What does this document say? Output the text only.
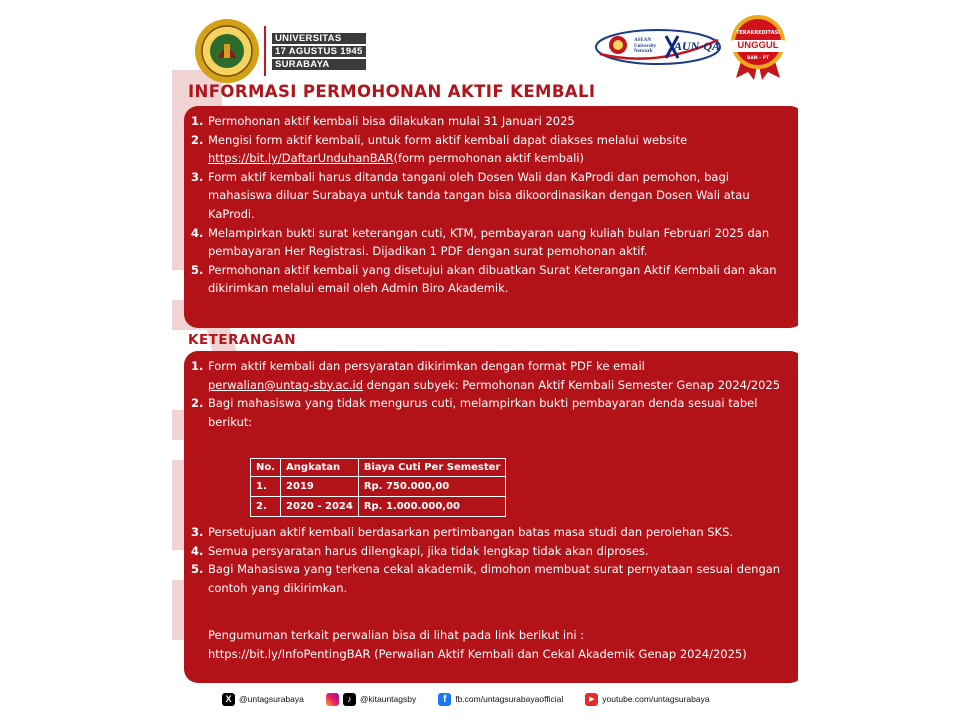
UNIVERSITAS
17 AGUSTUS 1945
SURABAYA
ASEAN
University
Network	AUN-QA
TERAKREDITASI
UNGGUL
BAN - PT
INFORMASI PERMOHONAN AKTIF KEMBALI
1. Permohonan aktif kembali bisa dilakukan mulai 31 Januari 2025
2. Mengisi form aktif kembali, untuk form aktif kembali dapat diakses melalui website
https://bit.ly/DaftarUnduhanBAR(form permohonan aktif kembali)
3. Form aktif kembali harus ditanda tangani oleh Dosen Wali dan KaProdi dan pemohon, bagi mahasiswa diluar Surabaya untuk tanda tangan bisa dikoordinasikan dengan Dosen Wali atau KaProdi.
4. Melampirkan bukti surat keterangan cuti, KTM, pembayaran uang kuliah bulan Februari 2025 dan pembayaran Her Registrasi. Dijadikan 1 PDF dengan surat pemohonan aktif.
5. Permohonan aktif kembali yang disetujui akan dibuatkan Surat Keterangan Aktif Kembali dan akan dikirimkan melalui email oleh Admin Biro Akademik.
KETERANGAN
1. Form aktif kembali dan persyaratan dikirimkan dengan format PDF ke email
perwalian@untag-sby.ac.id dengan subyek: Permohonan Aktif Kembali Semester Genap 2024/2025
2. Bagi mahasiswa yang tidak mengurus cuti, melampirkan bukti pembayaran denda sesuai tabel berikut:
No.	Angkatan	Biaya Cuti Per Semester
1.	2019	Rp. 750.000,00
2.	2020 - 2024	Rp. 1.000.000,00
3. Persetujuan aktif kembali berdasarkan pertimbangan batas masa studi dan perolehan SKS.
4. Semua persyaratan harus dilengkapi, jika tidak lengkap tidak akan diproses.
5. Bagi Mahasiswa yang terkena cekal akademik, dimohon membuat surat pernyataan sesuai dengan contoh yang dikirimkan.
Pengumuman terkait perwalian bisa di lihat pada link berikut ini :
https://bit.ly/InfoPentingBAR (Perwalian Aktif Kembali dan Cekal Akademik Genap 2024/2025)
X @untagsurabaya	♪ @kitauntagsby	f	fb.com/untagsurabayaofficial	▶ youtube.com/untagsurabaya
